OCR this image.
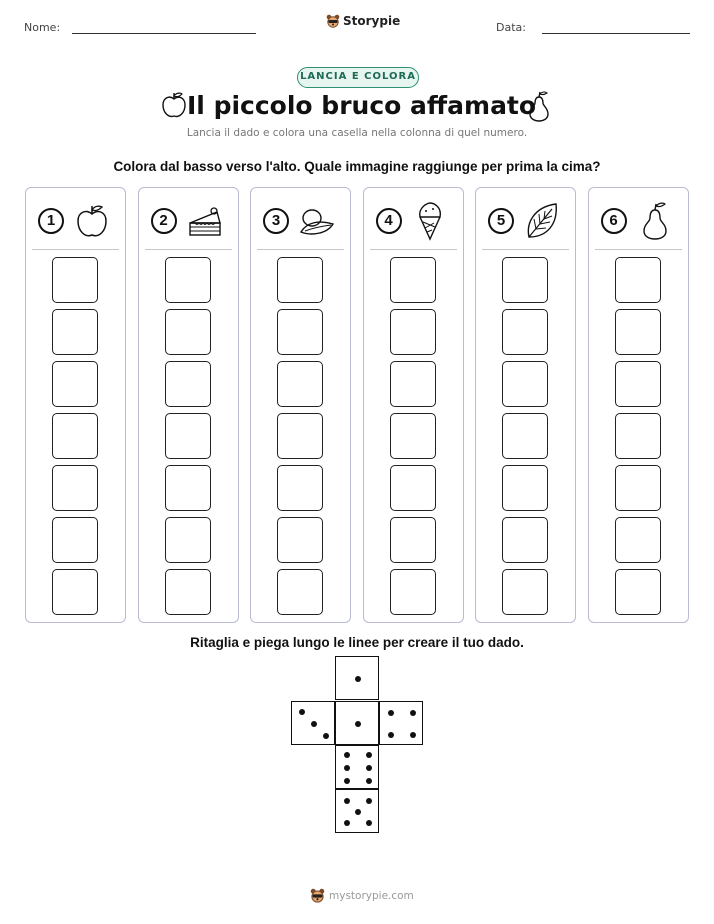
Nome:	Storypie	Data:
LANCIA E COLORA
Il piccolo bruco affamato
Lancia il dado e colora una casella nella colonna di quel numero.
Colora dal basso verso l'alto. Quale immagine raggiunge per prima la cima?
1	2	3	4	5	6
Ritaglia e piega lungo le linee per creare il tuo dado.
mystorypie.com
